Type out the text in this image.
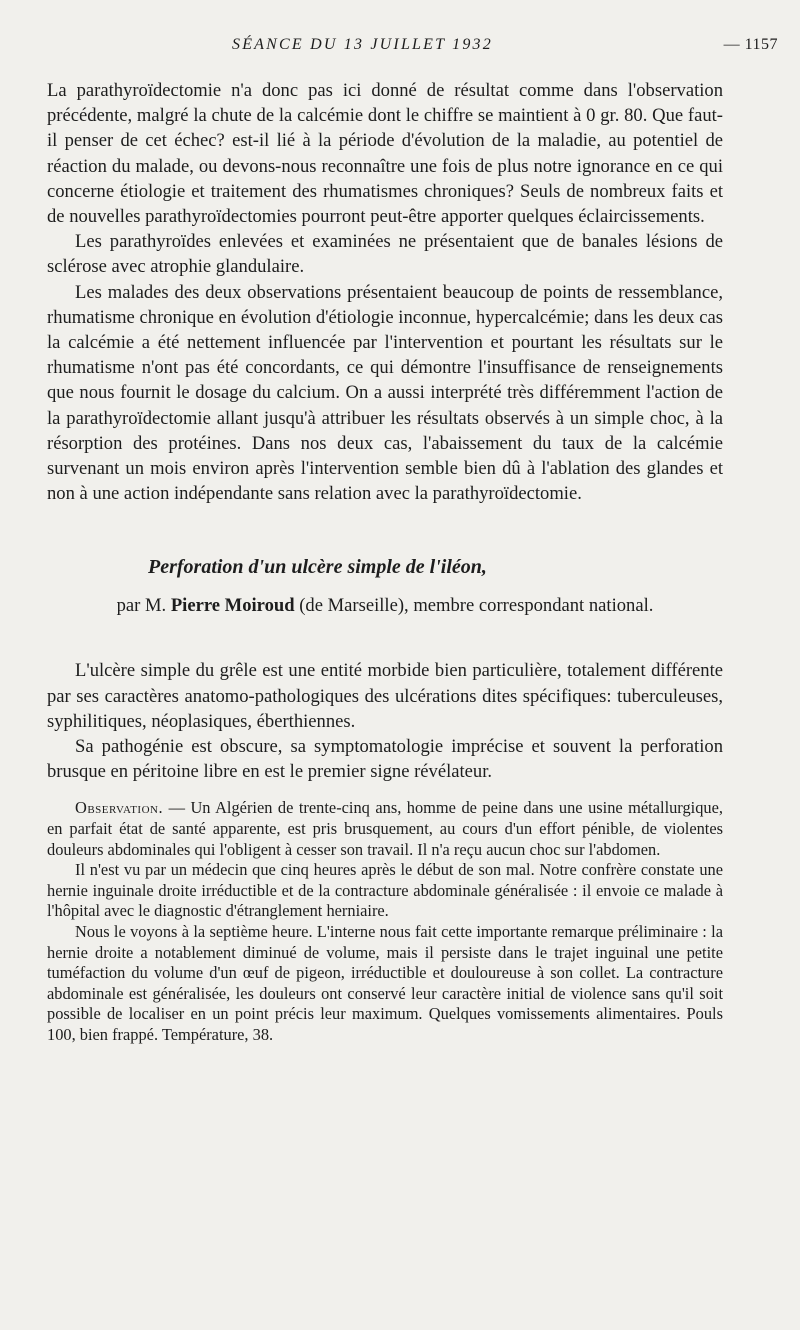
SÉANCE DU 13 JUILLET 1932	— 1157

La parathyroïdectomie n'a donc pas ici donné de résultat comme dans l'observation précédente, malgré la chute de la calcémie dont le chiffre se maintient à 0 gr. 80. Que faut-il penser de cet échec? est-il lié à la période d'évolution de la maladie, au potentiel de réaction du malade, ou devons-nous reconnaître une fois de plus notre ignorance en ce qui concerne étiologie et traitement des rhumatismes chroniques? Seuls de nombreux faits et de nouvelles parathyroïdectomies pourront peut-être apporter quelques éclaircissements.

Les parathyroïdes enlevées et examinées ne présentaient que de banales lésions de sclérose avec atrophie glandulaire.

Les malades des deux observations présentaient beaucoup de points de ressemblance, rhumatisme chronique en évolution d'étiologie inconnue, hypercalcémie; dans les deux cas la calcémie a été nettement influencée par l'intervention et pourtant les résultats sur le rhumatisme n'ont pas été concordants, ce qui démontre l'insuffisance de renseignements que nous fournit le dosage du calcium. On a aussi interprété très différemment l'action de la parathyroïdectomie allant jusqu'à attribuer les résultats observés à un simple choc, à la résorption des protéines. Dans nos deux cas, l'abaissement du taux de la calcémie survenant un mois environ après l'intervention semble bien dû à l'ablation des glandes et non à une action indépendante sans relation avec la parathyroïdectomie.

Perforation d'un ulcère simple de l'iléon,
par M. Pierre Moiroud (de Marseille), membre correspondant national.

L'ulcère simple du grêle est une entité morbide bien particulière, totalement différente par ses caractères anatomo-pathologiques des ulcérations dites spécifiques: tuberculeuses, syphilitiques, néoplasiques, éberthiennes.

Sa pathogénie est obscure, sa symptomatologie imprécise et souvent la perforation brusque en péritoine libre en est le premier signe révélateur.

Observation. — Un Algérien de trente-cinq ans, homme de peine dans une usine métallurgique, en parfait état de santé apparente, est pris brusquement, au cours d'un effort pénible, de violentes douleurs abdominales qui l'obligent à cesser son travail. Il n'a reçu aucun choc sur l'abdomen.

Il n'est vu par un médecin que cinq heures après le début de son mal. Notre confrère constate une hernie inguinale droite irréductible et de la contracture abdominale généralisée : il envoie ce malade à l'hôpital avec le diagnostic d'étranglement herniaire.

Nous le voyons à la septième heure. L'interne nous fait cette importante remarque préliminaire : la hernie droite a notablement diminué de volume, mais il persiste dans le trajet inguinal une petite tuméfaction du volume d'un œuf de pigeon, irréductible et douloureuse à son collet. La contracture abdominale est généralisée, les douleurs ont conservé leur caractère initial de violence sans qu'il soit possible de localiser en un point précis leur maximum. Quelques vomissements alimentaires. Pouls 100, bien frappé. Température, 38.
